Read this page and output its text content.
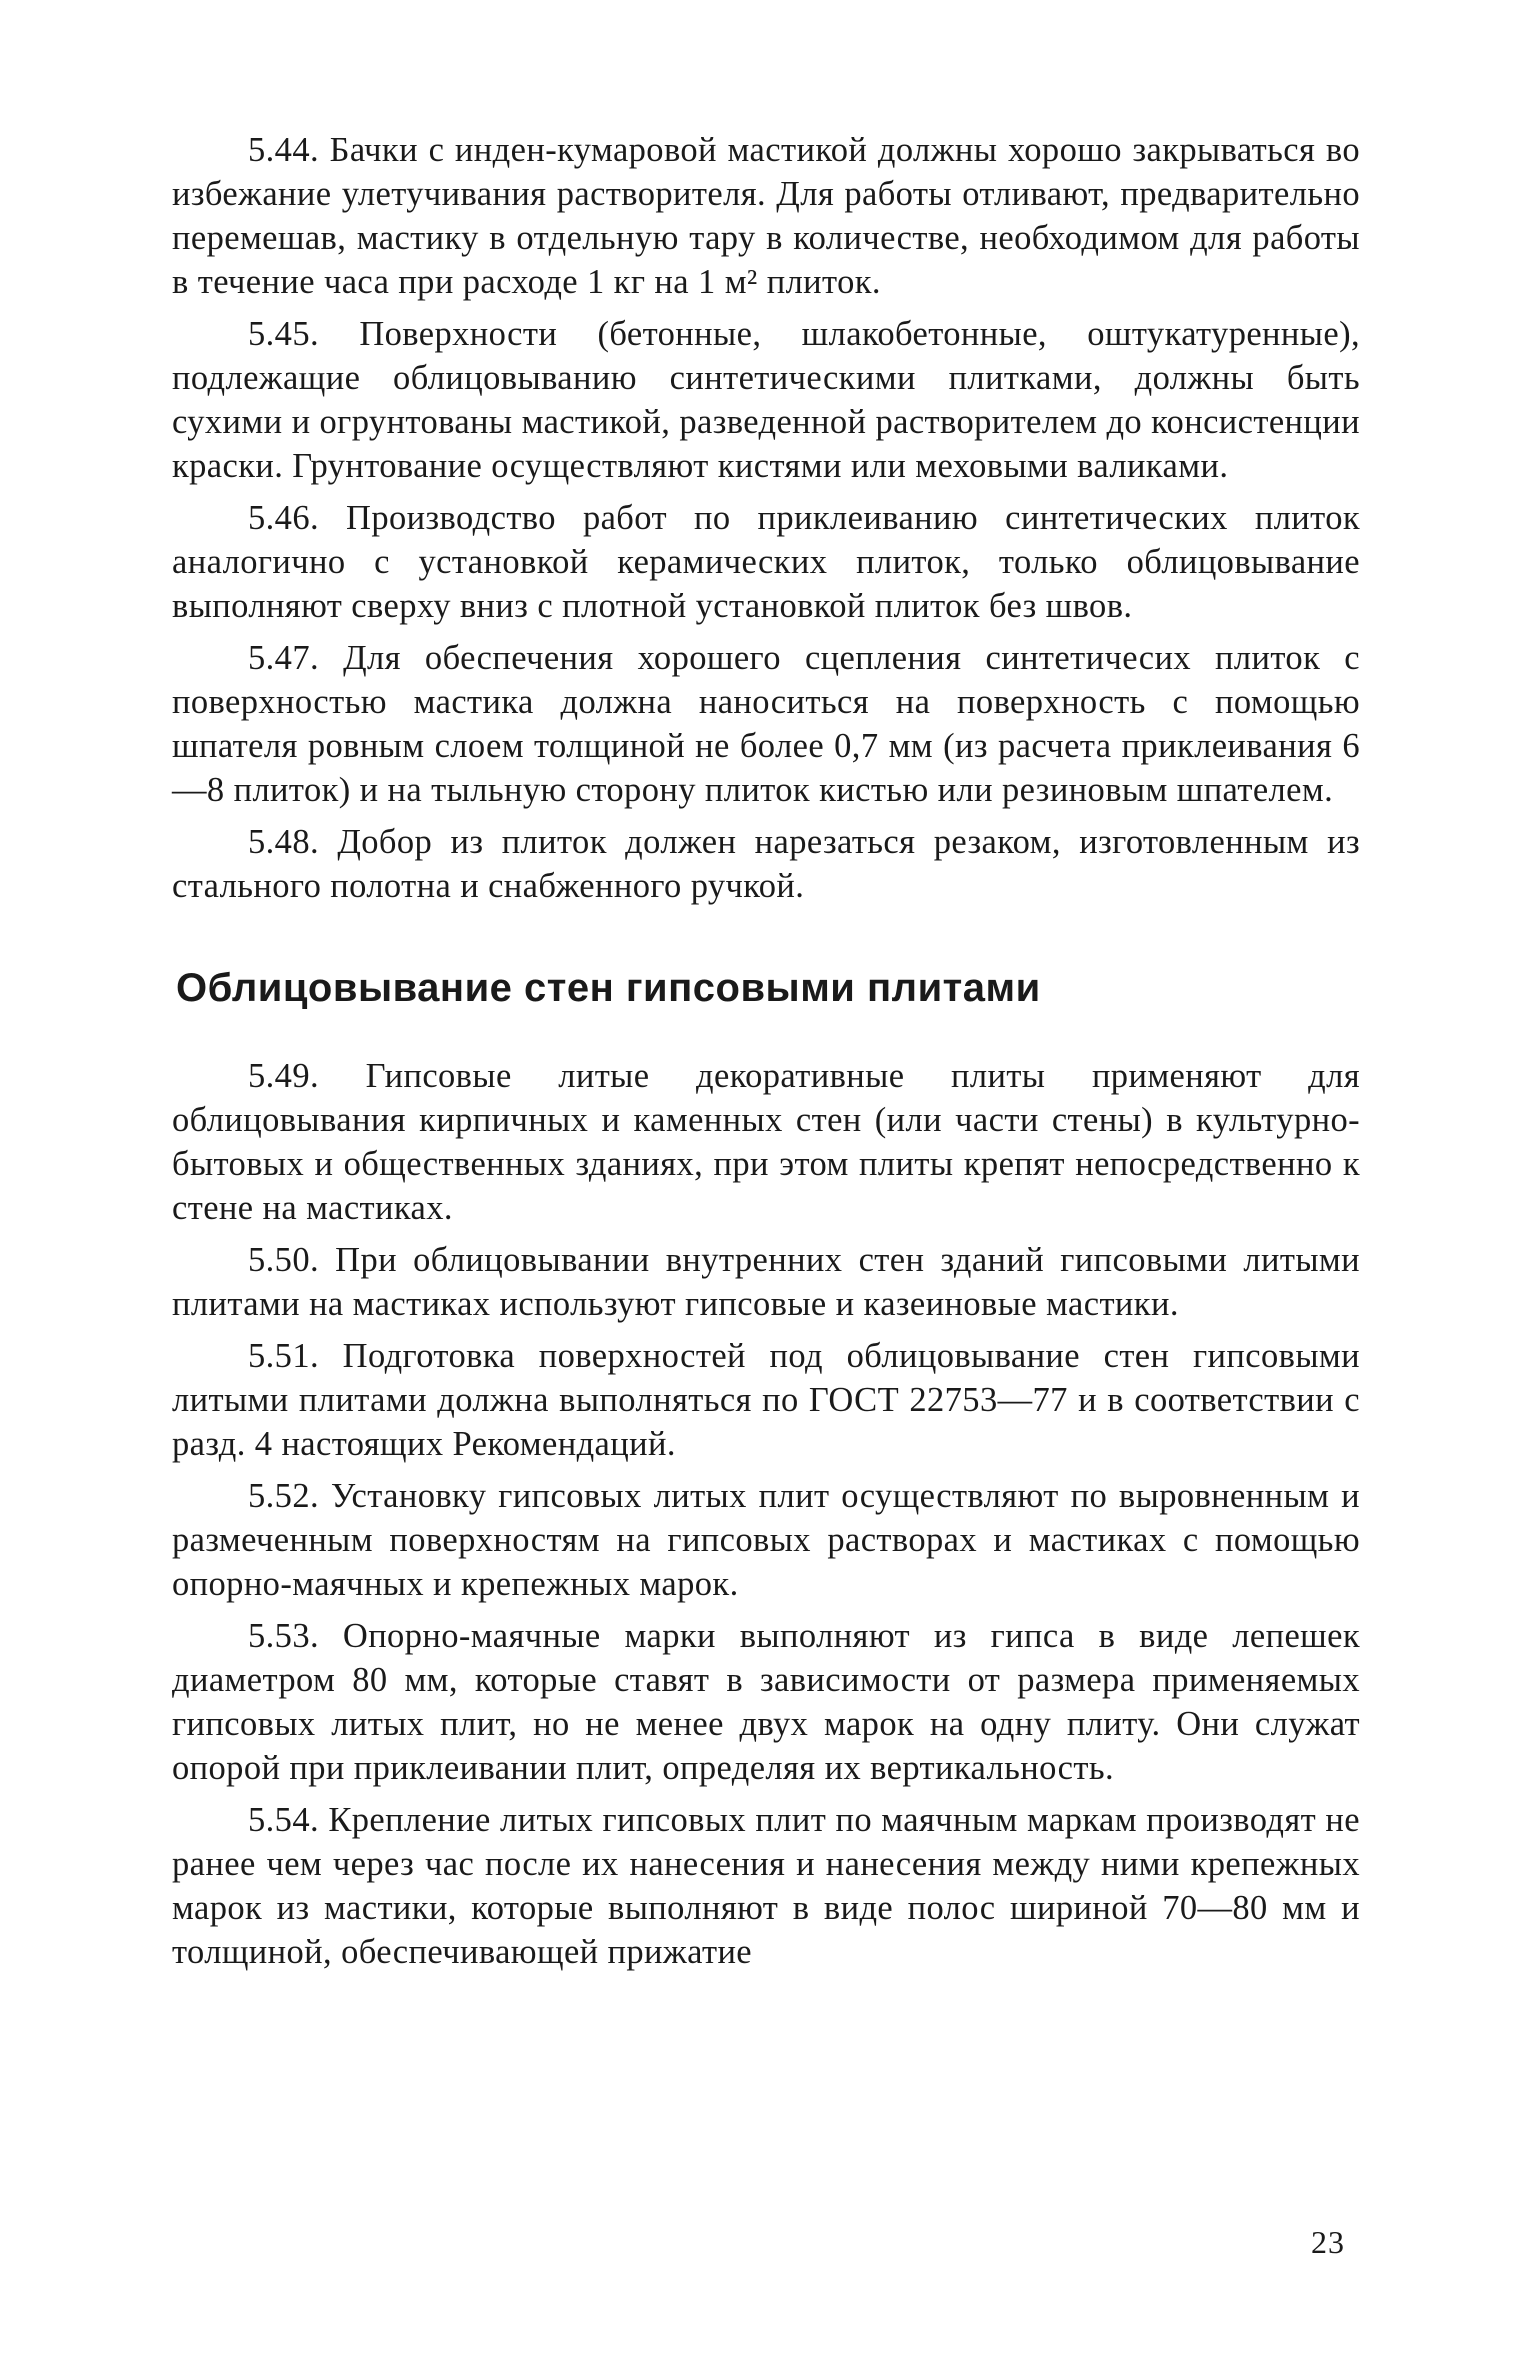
5.44. Бачки с инден-кумаровой мастикой должны хорошо закрываться во избежание улетучивания растворителя. Для работы отливают, предварительно перемешав, мастику в отдельную тару в количестве, необходимом для работы в течение часа при расходе 1 кг на 1 м² плиток.

5.45. Поверхности (бетонные, шлакобетонные, оштукатуренные), подлежащие облицовыванию синтетическими плитками, должны быть сухими и огрунтованы мастикой, разведенной растворителем до консистенции краски. Грунтование осуществляют кистями или меховыми валиками.

5.46. Производство работ по приклеиванию синтетических плиток аналогично с установкой керамических плиток, только облицовывание выполняют сверху вниз с плотной установкой плиток без швов.

5.47. Для обеспечения хорошего сцепления синтетичесих плиток с поверхностью мастика должна наноситься на поверхность с помощью шпателя ровным слоем толщиной не более 0,7 мм (из расчета приклеивания 6—8 плиток) и на тыльную сторону плиток кистью или резиновым шпателем.

5.48. Добор из плиток должен нарезаться резаком, изготовленным из стального полотна и снабженного ручкой.

Облицовывание стен гипсовыми плитами

5.49. Гипсовые литые декоративные плиты применяют для облицовывания кирпичных и каменных стен (или части стены) в культурно-бытовых и общественных зданиях, при этом плиты крепят непосредственно к стене на мастиках.

5.50. При облицовывании внутренних стен зданий гипсовыми литыми плитами на мастиках используют гипсовые и казеиновые мастики.

5.51. Подготовка поверхностей под облицовывание стен гипсовыми литыми плитами должна выполняться по ГОСТ 22753—77 и в соответствии с разд. 4 настоящих Рекомендаций.

5.52. Установку гипсовых литых плит осуществляют по выровненным и размеченным поверхностям на гипсовых растворах и мастиках с помощью опорно-маячных и крепежных марок.

5.53. Опорно-маячные марки выполняют из гипса в виде лепешек диаметром 80 мм, которые ставят в зависимости от размера применяемых гипсовых литых плит, но не менее двух марок на одну плиту. Они служат опорой при приклеивании плит, определяя их вертикальность.

5.54. Крепление литых гипсовых плит по маячным маркам производят не ранее чем через час после их нанесения и нанесения между ними крепежных марок из мастики, которые выполняют в виде полос шириной 70—80 мм и толщиной, обеспечивающей прижатие

23
